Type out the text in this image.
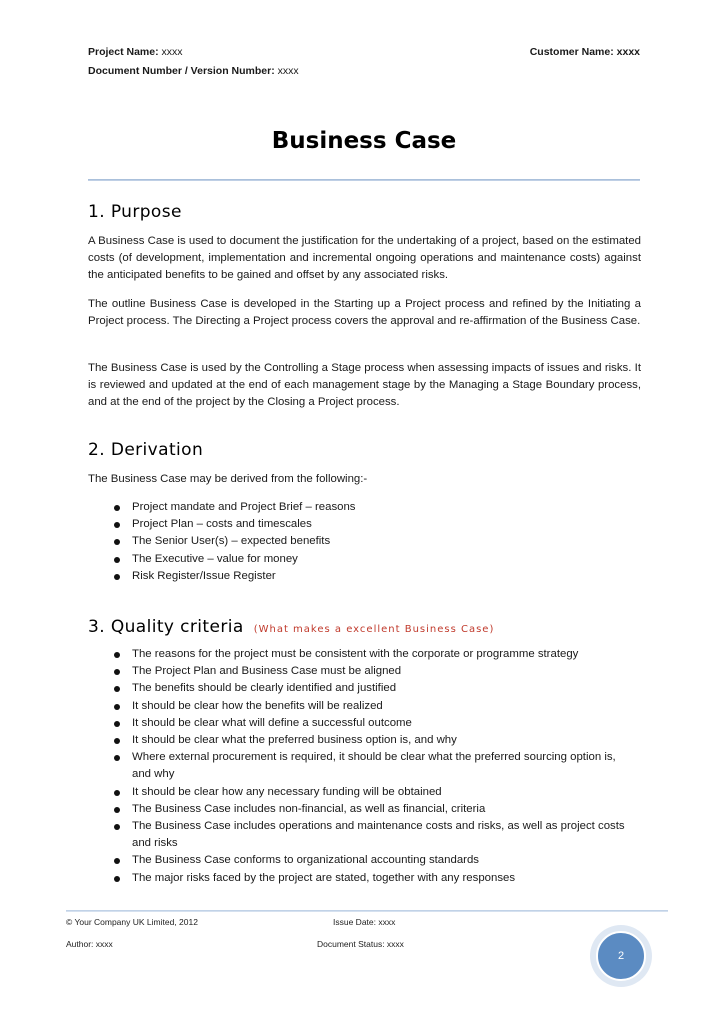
Project Name: xxxx
Document Number / Version Number: xxxx
Customer Name: xxxx
Business Case
1. Purpose

A Business Case is used to document the justification for the undertaking of a project, based on the estimated costs (of development, implementation and incremental ongoing operations and maintenance costs) against the anticipated benefits to be gained and offset by any associated risks.

The outline Business Case is developed in the Starting up a Project process and refined by the Initiating a Project process. The Directing a Project process covers the approval and re-affirmation of the Business Case.

The Business Case is used by the Controlling a Stage process when assessing impacts of issues and risks. It is reviewed and updated at the end of each management stage by the Managing a Stage Boundary process, and at the end of the project by the Closing a Project process.

2. Derivation

The Business Case may be derived from the following:-

Project mandate and Project Brief – reasons
Project Plan – costs and timescales
The Senior User(s) – expected benefits
The Executive – value for money
Risk Register/Issue Register
3. Quality criteria (What makes a excellent Business Case)
The reasons for the project must be consistent with the corporate or programme strategy
The Project Plan and Business Case must be aligned
The benefits should be clearly identified and justified
It should be clear how the benefits will be realized
It should be clear what will define a successful outcome
It should be clear what the preferred business option is, and why
Where external procurement is required, it should be clear what the preferred sourcing option is, and why
It should be clear how any necessary funding will be obtained
The Business Case includes non-financial, as well as financial, criteria
The Business Case includes operations and maintenance costs and risks, as well as project costs and risks
The Business Case conforms to organizational accounting standards
The major risks faced by the project are stated, together with any responses
© Your Company UK Limited, 2012	Issue Date: xxxx
Author: xxxx	Document Status: xxxx
2
